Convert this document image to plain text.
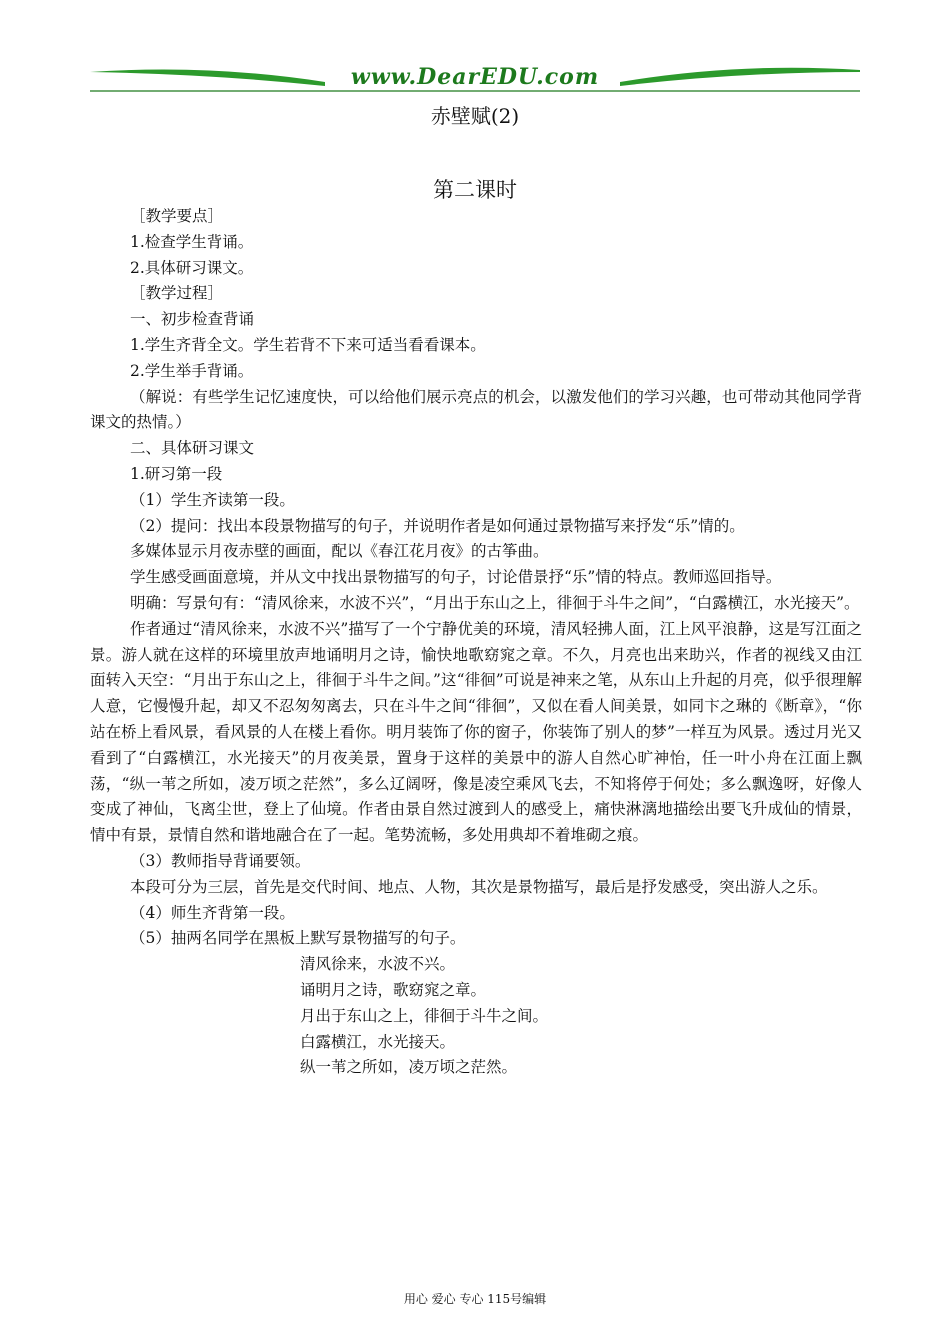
www.DearEDU.com
赤壁赋(2)
第二课时

［教学要点］

1.检查学生背诵。

2.具体研习课文。

［教学过程］

一、初步检查背诵

1.学生齐背全文。学生若背不下来可适当看看课本。

2.学生举手背诵。

（解说：有些学生记忆速度快，可以给他们展示亮点的机会，以激发他们的学习兴趣，也可带动其他同学背课文的热情。）

二、具体研习课文

1.研习第一段

（1）学生齐读第一段。

（2）提问：找出本段景物描写的句子，并说明作者是如何通过景物描写来抒发“乐”情的。

多媒体显示月夜赤壁的画面，配以《春江花月夜》的古筝曲。

学生感受画面意境，并从文中找出景物描写的句子，讨论借景抒“乐”情的特点。教师巡回指导。

明确：写景句有：“清风徐来，水波不兴”，“月出于东山之上，徘徊于斗牛之间”，“白露横江，水光接天”。

作者通过“清风徐来，水波不兴”描写了一个宁静优美的环境，清风轻拂人面，江上风平浪静，这是写江面之景。游人就在这样的环境里放声地诵明月之诗，愉快地歌窈窕之章。不久，月亮也出来助兴，作者的视线又由江面转入天空：“月出于东山之上，徘徊于斗牛之间。”这“徘徊”可说是神来之笔，从东山上升起的月亮，似乎很理解人意，它慢慢升起，却又不忍匆匆离去，只在斗牛之间“徘徊”，又似在看人间美景，如同卞之琳的《断章》，“你站在桥上看风景，看风景的人在楼上看你。明月装饰了你的窗子，你装饰了别人的梦”一样互为风景。透过月光又看到了“白露横江，水光接天”的月夜美景，置身于这样的美景中的游人自然心旷神怡，任一叶小舟在江面上飘荡，“纵一苇之所如，凌万顷之茫然”，多么辽阔呀，像是凌空乘风飞去，不知将停于何处；多么飘逸呀，好像人变成了神仙，飞离尘世，登上了仙境。作者由景自然过渡到人的感受上，痛快淋漓地描绘出要飞升成仙的情景，情中有景，景情自然和谐地融合在了一起。笔势流畅，多处用典却不着堆砌之痕。

（3）教师指导背诵要领。

本段可分为三层，首先是交代时间、地点、人物，其次是景物描写，最后是抒发感受，突出游人之乐。

（4）师生齐背第一段。

（5）抽两名同学在黑板上默写景物描写的句子。

清风徐来，水波不兴。

诵明月之诗，歌窈窕之章。

月出于东山之上，徘徊于斗牛之间。

白露横江，水光接天。

纵一苇之所如，凌万顷之茫然。

用心 爱心 专心 115号编辑
